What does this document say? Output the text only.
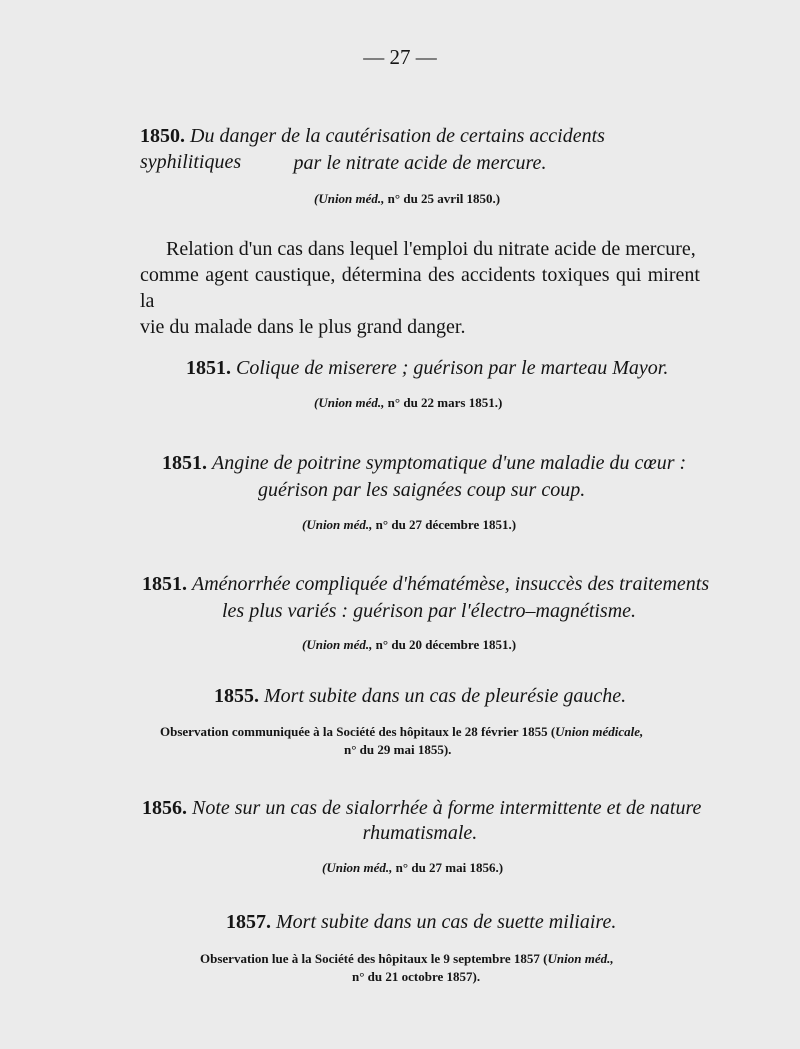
— 27 —
1850. Du danger de la cautérisation de certains accidents syphilitiques	par le nitrate acide de mercure.
(Union méd., n° du 25 avril 1850.)
Relation d'un cas dans lequel l'emploi du nitrate acide de mercure,
comme agent caustique, détermina des accidents toxiques qui mirent la
vie du malade dans le plus grand danger.
1851. Colique de miserere ; guérison par le marteau Mayor.
(Union méd., n° du 22 mars 1851.)
1851. Angine de poitrine symptomatique d'une maladie du cœur :
guérison par les saignées coup sur coup.
(Union méd., n° du 27 décembre 1851.)
1851. Aménorrhée compliquée d'hématémèse, insuccès des traitements
les plus variés : guérison par l'électro–magnétisme.
(Union méd., n° du 20 décembre 1851.)
1855. Mort subite dans un cas de pleurésie gauche.
Observation communiquée à la Société des hôpitaux le 28 février 1855 (Union médicale,
n° du 29 mai 1855).
1856. Note sur un cas de sialorrhée à forme intermittente et de nature
rhumatismale.
(Union méd., n° du 27 mai 1856.)
1857. Mort subite dans un cas de suette miliaire.
Observation lue à la Société des hôpitaux le 9 septembre 1857 (Union méd.,
n° du 21 octobre 1857).
